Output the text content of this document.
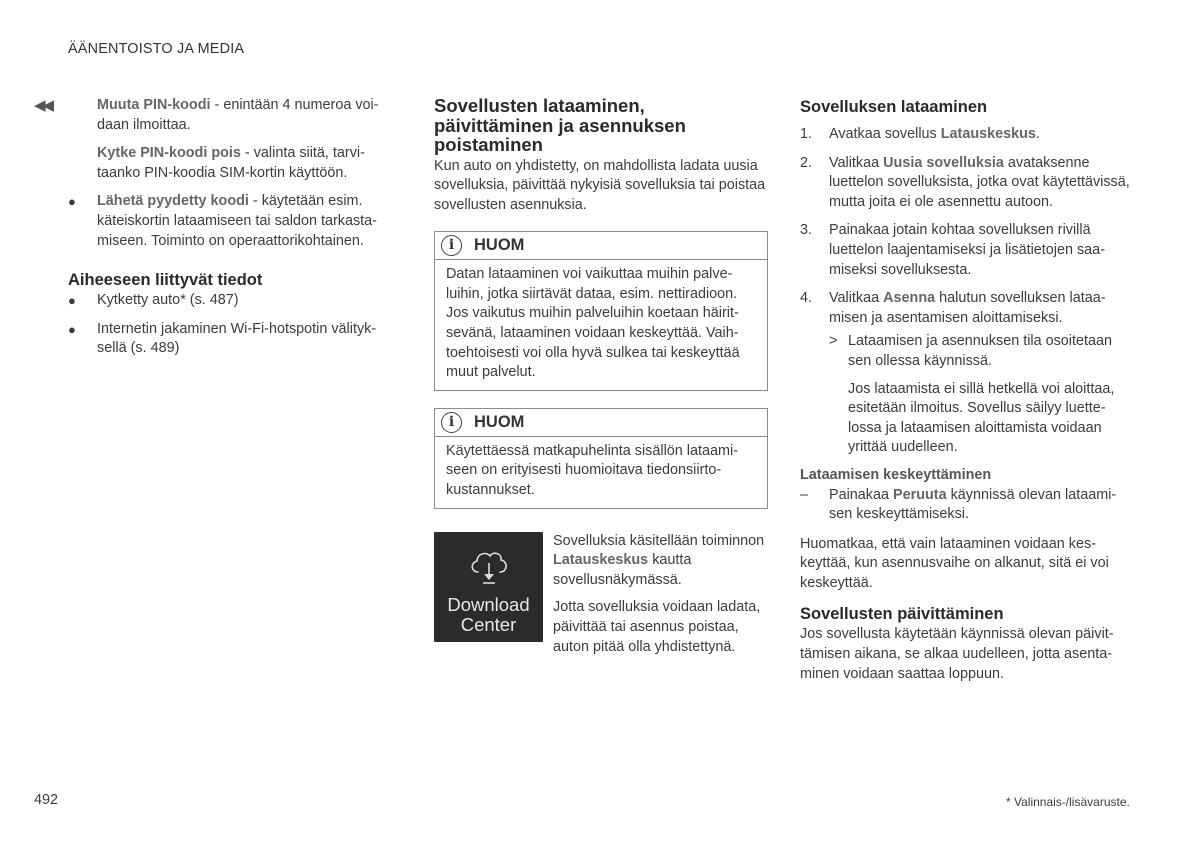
ÄÄNENTOISTO JA MEDIA
◀◀	Muuta PIN-koodi - enintään 4 numeroa voidaan ilmoittaa.

Kytke PIN-koodi pois - valinta siitä, tarvitaanko PIN-koodia SIM-kortin käyttöön.

● Lähetä pyydetty koodi - käytetään esim. käteiskortin lataamiseen tai saldon tarkastamiseen. Toiminto on operaattorikohtainen.

Aiheeseen liittyvät tiedot
● Kytketty auto* (s. 487)

● Internetin jakaminen Wi-Fi-hotspotin välityksellä (s. 489)

Sovellusten lataaminen, päivittäminen ja asennuksen poistaminen

Kun auto on yhdistetty, on mahdollista ladata uusia sovelluksia, päivittää nykyisiä sovelluksia tai poistaa sovellusten asennuksia.

i	HUOM

Datan lataaminen voi vaikuttaa muihin palveluihin, jotka siirtävät dataa, esim. nettiradioon. Jos vaikutus muihin palveluihin koetaan häiritsevänä, lataaminen voidaan keskeyttää. Vaihtoehtoisesti voi olla hyvä sulkea tai keskeyttää muut palvelut.

i	HUOM

Käytettäessä matkapuhelinta sisällön lataamiseen on erityisesti huomioitava tiedonsiirtokustannukset.

Download Center

Sovelluksia käsitellään toiminnon Latauskeskus kautta sovellusnäkymässä.

Jotta sovelluksia voidaan ladata, päivittää tai asennus poistaa, auton pitää olla yhdistettynä.

Sovelluksen lataaminen
1. Avatkaa sovellus Latauskeskus.

2. Valitkaa Uusia sovelluksia avataksenne luettelon sovelluksista, jotka ovat käytettävissä, mutta joita ei ole asennettu autoon.

3. Painakaa jotain kohtaa sovelluksen rivillä luettelon laajentamiseksi ja lisätietojen saamiseksi sovelluksesta.

4. Valitkaa Asenna halutun sovelluksen lataamisen ja asentamisen aloittamiseksi.

> Lataamisen ja asennuksen tila osoitetaan sen ollessa käynnissä.

Jos lataamista ei sillä hetkellä voi aloittaa, esitetään ilmoitus. Sovellus säilyy luettelossa ja lataamisen aloittamista voidaan yrittää uudelleen.

Lataamisen keskeyttäminen
– Painakaa Peruuta käynnissä olevan lataamisen keskeyttämiseksi.

Huomatkaa, että vain lataaminen voidaan keskeyttää, kun asennusvaihe on alkanut, sitä ei voi keskeyttää.

Sovellusten päivittäminen

Jos sovellusta käytetään käynnissä olevan päivittämisen aikana, se alkaa uudelleen, jotta asentaminen voidaan saattaa loppuun.

492	* Valinnais-/lisävaruste.
